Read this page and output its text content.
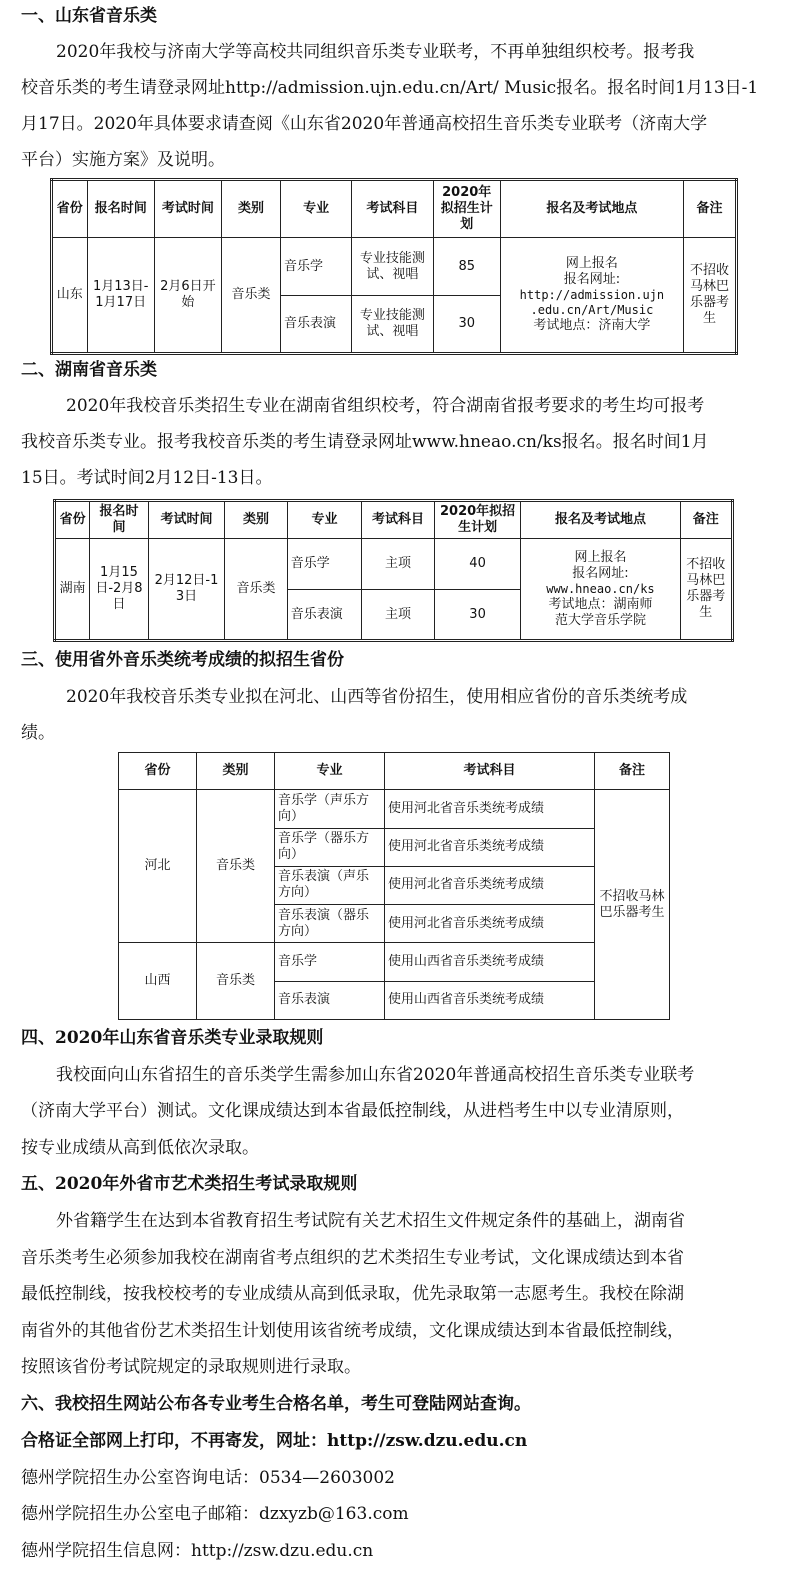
一、山东省音乐类
2020年我校与济南大学等高校共同组织音乐类专业联考，不再单独组织校考。报考我
校音乐类的考生请登录网址http://admission.ujn.edu.cn/Art/ Music报名。报名时间1月13日-1
月17日。2020年具体要求请查阅《山东省2020年普通高校招生音乐类专业联考（济南大学
平台）实施方案》及说明。
省份	报名时间	考试时间	类别	专业	考试科目	2020年拟招生计划	报名及考试地点	备注
山东	1月13日-1月17日	2月6日开始	音乐类	音乐学	专业技能测试、视唱	85	网上报名
报名网址:
http://admission.ujn
.edu.cn/Art/Music
考试地点：济南大学	不招收马林巴乐器考生
				音乐表演	专业技能测试、视唱	30		
二、湖南省音乐类
2020年我校音乐类招生专业在湖南省组织校考，符合湖南省报考要求的考生均可报考
我校音乐类专业。报考我校音乐类的考生请登录网址www.hneao.cn/ks报名。报名时间1月
15日。考试时间2月12日-13日。
省份	报名时间	考试时间	类别	专业	考试科目	2020年拟招生计划	报名及考试地点	备注
湖南	1月15日-2月8日	2月12日-13日	音乐类	音乐学	主项	40	网上报名
报名网址:
www.hneao.cn/ks
考试地点：湖南师
范大学音乐学院	不招收马林巴乐器考生
				音乐表演	主项	30		
三、使用省外音乐类统考成绩的拟招生省份
2020年我校音乐类专业拟在河北、山西等省份招生，使用相应省份的音乐类统考成
绩。
省份	类别	专业	考试科目	备注
河北	音乐类	音乐学（声乐方向）	使用河北省音乐类统考成绩	不招收马林巴乐器考生
		音乐学（器乐方向）	使用河北省音乐类统考成绩	
		音乐表演（声乐方向）	使用河北省音乐类统考成绩	
		音乐表演（器乐方向）	使用河北省音乐类统考成绩	
山西	音乐类	音乐学	使用山西省音乐类统考成绩	
		音乐表演	使用山西省音乐类统考成绩	
四、2020年山东省音乐类专业录取规则
我校面向山东省招生的音乐类学生需参加山东省2020年普通高校招生音乐类专业联考
（济南大学平台）测试。文化课成绩达到本省最低控制线，从进档考生中以专业清原则，
按专业成绩从高到低依次录取。
五、2020年外省市艺术类招生考试录取规则
外省籍学生在达到本省教育招生考试院有关艺术招生文件规定条件的基础上，湖南省
音乐类考生必须参加我校在湖南省考点组织的艺术类招生专业考试，文化课成绩达到本省
最低控制线，按我校校考的专业成绩从高到低录取，优先录取第一志愿考生。我校在除湖
南省外的其他省份艺术类招生计划使用该省统考成绩，文化课成绩达到本省最低控制线，
按照该省份考试院规定的录取规则进行录取。
六、我校招生网站公布各专业考生合格名单，考生可登陆网站查询。
合格证全部网上打印，不再寄发，网址：http://zsw.dzu.edu.cn
德州学院招生办公室咨询电话：0534—2603002
德州学院招生办公室电子邮箱：dzxyzb@163.com
德州学院招生信息网：http://zsw.dzu.edu.cn
